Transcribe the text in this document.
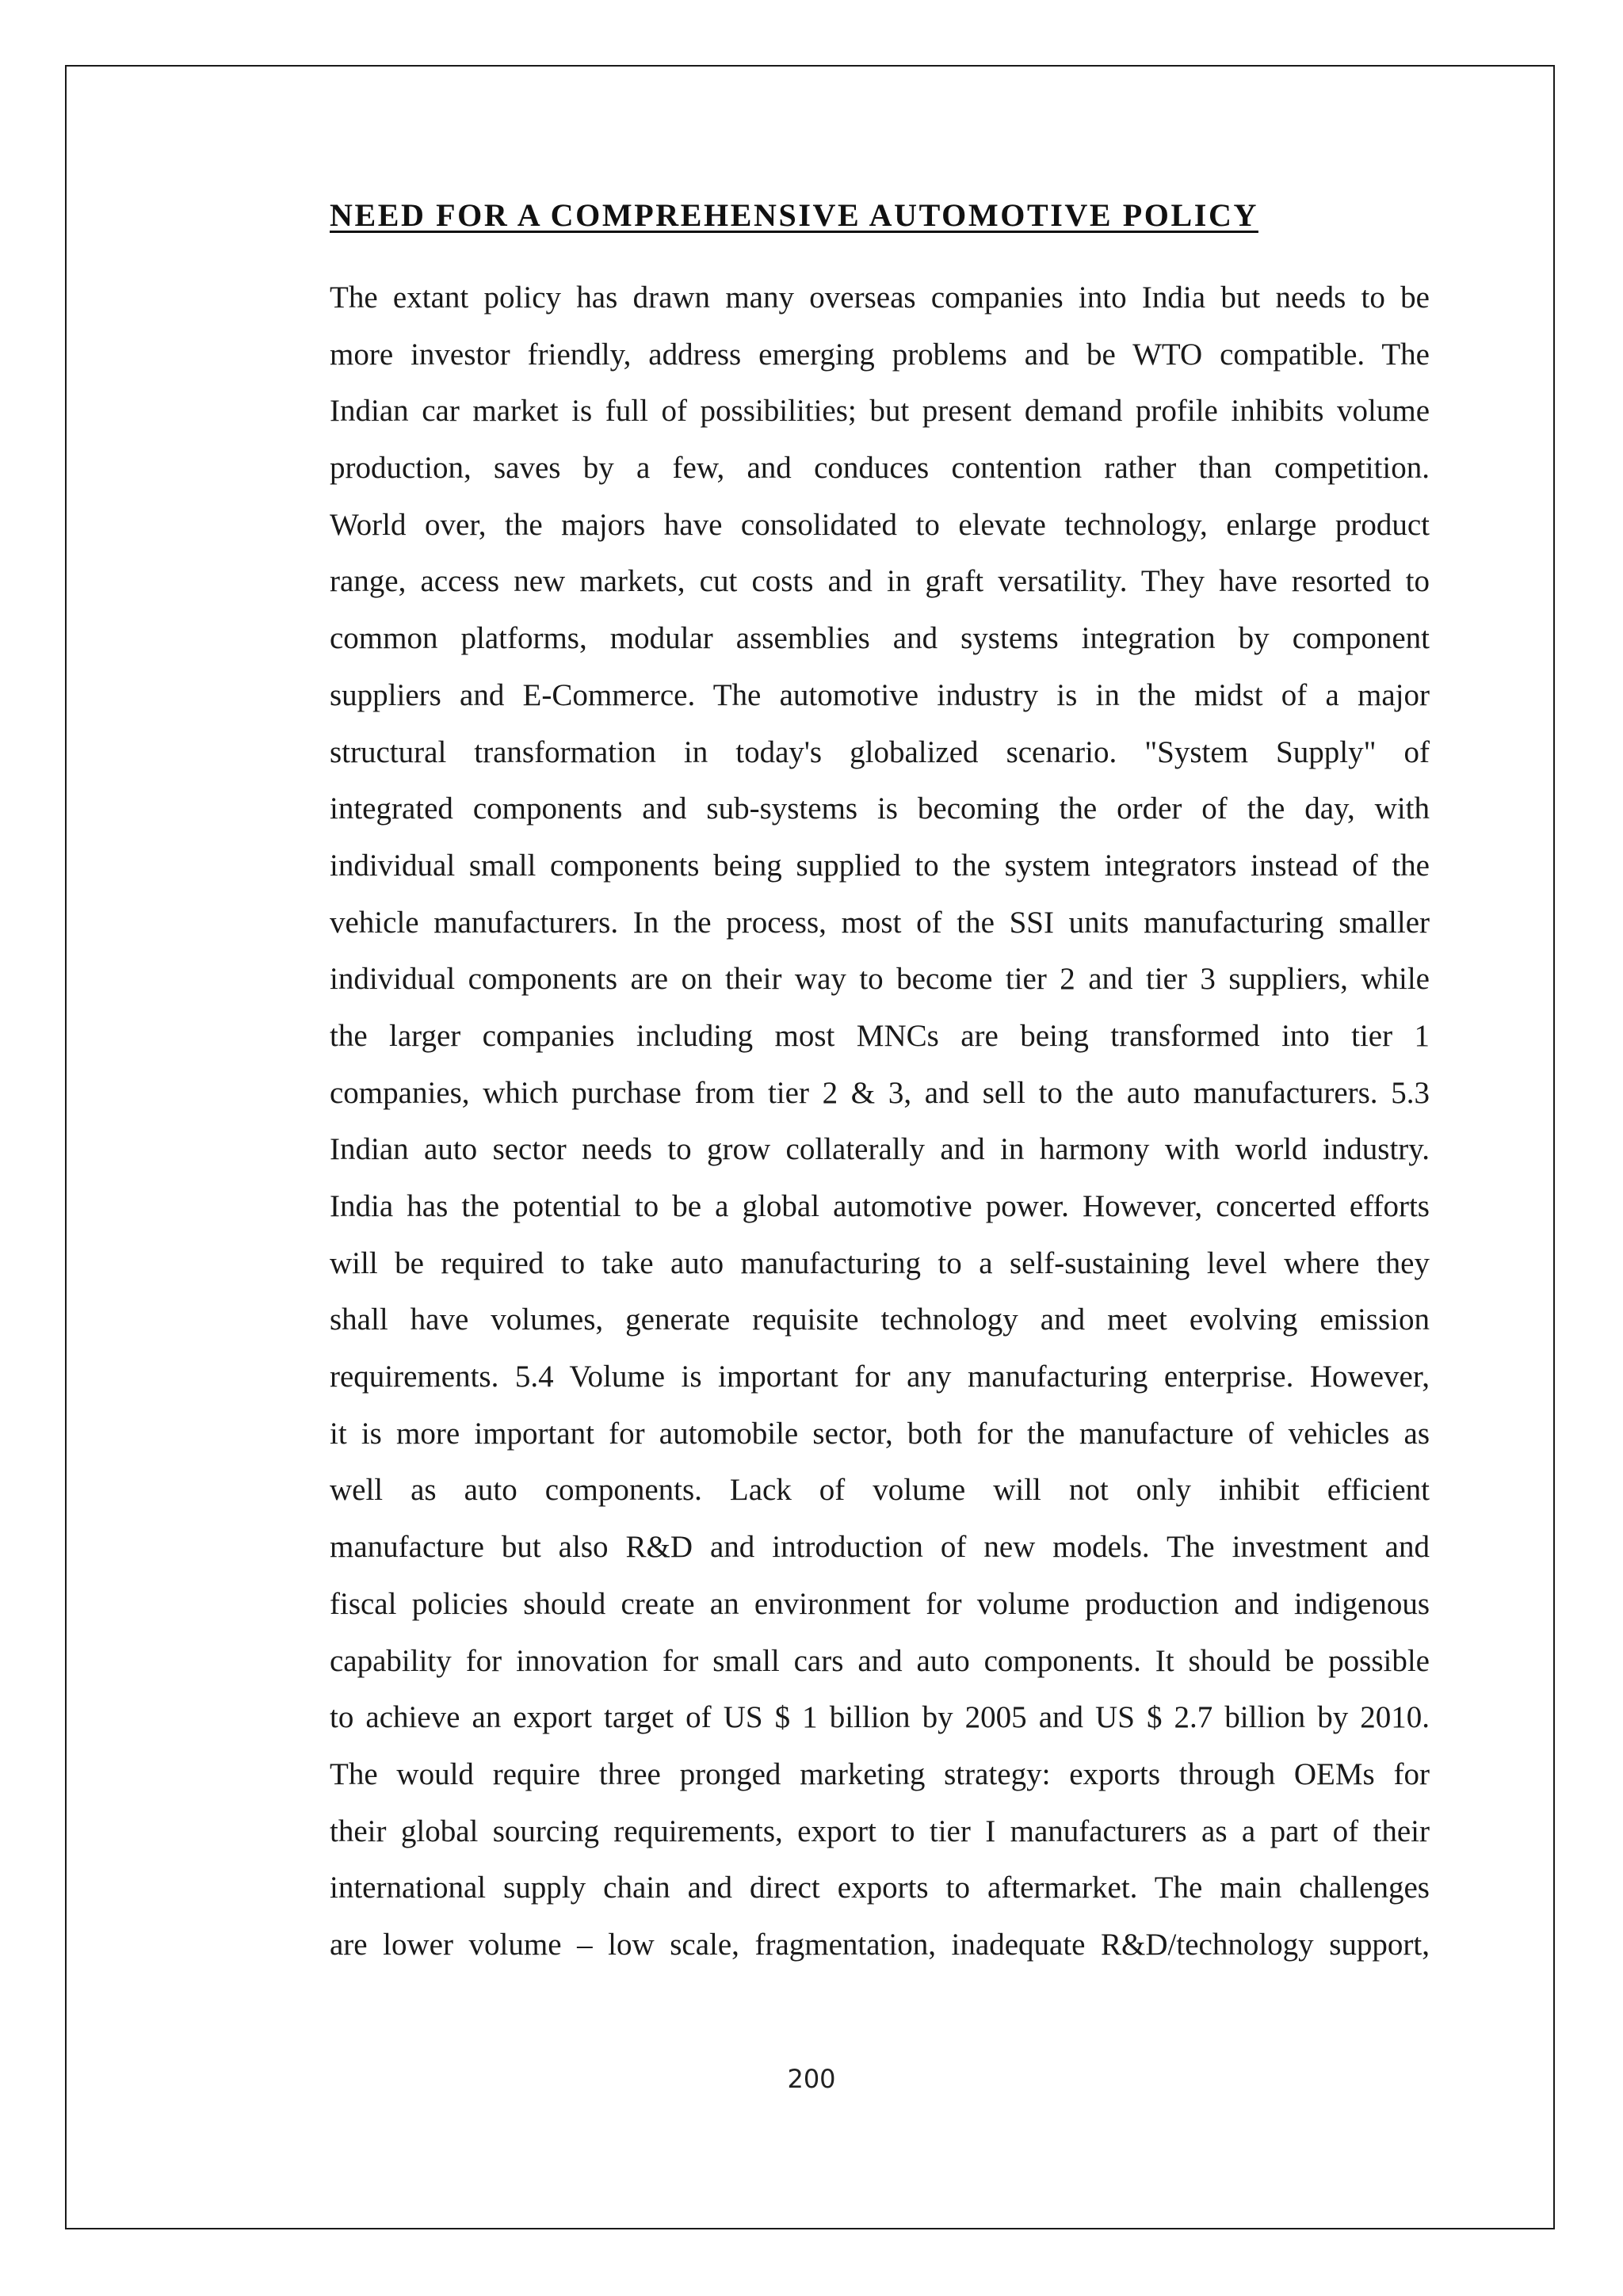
NEED FOR A COMPREHENSIVE AUTOMOTIVE POLICY
The extant policy has drawn many overseas companies into India but needs to be
more investor friendly, address emerging problems and be WTO compatible. The
Indian car market is full of possibilities; but present demand profile inhibits volume
production, saves by a few, and conduces contention rather than competition.
World over, the majors have consolidated to elevate technology, enlarge product
range, access new markets, cut costs and in graft versatility. They have resorted to
common platforms, modular assemblies and systems integration by component
suppliers and E-Commerce. The automotive industry is in the midst of a major
structural transformation in today's globalized scenario. "System Supply" of
integrated components and sub-systems is becoming the order of the day, with
individual small components being supplied to the system integrators instead of the
vehicle manufacturers. In the process, most of the SSI units manufacturing smaller
individual components are on their way to become tier 2 and tier 3 suppliers, while
the larger companies including most MNCs are being transformed into tier 1
companies, which purchase from tier 2 & 3, and sell to the auto manufacturers. 5.3
Indian auto sector needs to grow collaterally and in harmony with world industry.
India has the potential to be a global automotive power. However, concerted efforts
will be required to take auto manufacturing to a self-sustaining level where they
shall have volumes, generate requisite technology and meet evolving emission
requirements. 5.4 Volume is important for any manufacturing enterprise. However,
it is more important for automobile sector, both for the manufacture of vehicles as
well as auto components. Lack of volume will not only inhibit efficient
manufacture but also R&D and introduction of new models. The investment and
fiscal policies should create an environment for volume production and indigenous
capability for innovation for small cars and auto components. It should be possible
to achieve an export target of US $ 1 billion by 2005 and US $ 2.7 billion by 2010.
The would require three pronged marketing strategy: exports through OEMs for
their global sourcing requirements, export to tier I manufacturers as a part of their
international supply chain and direct exports to aftermarket. The main challenges
are lower volume – low scale, fragmentation, inadequate R&D/technology support,
200
